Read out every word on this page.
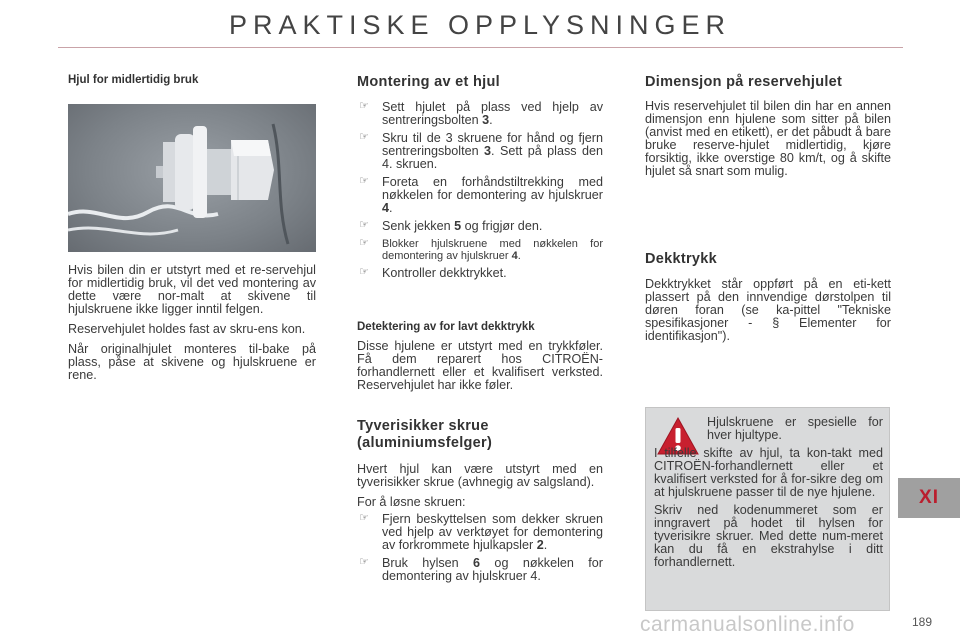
PRAKTISKE OPPLYSNINGER
Hjul for midlertidig bruk

Hvis bilen din er utstyrt med et re-servehjul for midlertidig bruk, vil det ved montering av dette være nor-malt at skivene til hjulskruene ikke ligger inntil felgen.

Reservehjulet holdes fast av skru-ens kon.

Når originalhjulet monteres til-bake på plass, påse at skivene og hjulskruene er rene.

Montering av et hjul
☞ Sett hjulet på plass ved hjelp av sentreringsbolten 3.
☞ Skru til de 3 skruene for hånd og fjern sentreringsbolten 3. Sett på plass den 4. skruen.
☞ Foreta en forhåndstiltrekking med nøkkelen for demontering av hjulskruer 4.
☞ Senk jekken 5 og frigjør den.
☞ Blokker hjulskruene med nøkkelen for demontering av hjulskruer 4.
☞ Kontroller dekktrykket.
Detektering av for lavt dekktrykk

Disse hjulene er utstyrt med en trykkføler. Få dem reparert hos CITROËN-forhandlernett eller et kvalifisert verksted. Reservehjulet har ikke føler.

Tyverisikker skrue
(aluminiumsfelger)

Hvert hjul kan være utstyrt med en tyverisikker skrue (avhnegig av salgsland).

For å løsne skruen:

☞ Fjern beskyttelsen som dekker skruen ved hjelp av verktøyet for demontering av forkrommete hjulkapsler 2.
☞ Bruk hylsen 6 og nøkkelen for demontering av hjulskruer 4.
Dimensjon på reservehjulet

Hvis reservehjulet til bilen din har en annen dimensjon enn hjulene som sitter på bilen (anvist med en etikett), er det påbudt å bare bruke reserve-hjulet midlertidig, kjøre forsiktig, ikke overstige 80 km/t, og å skifte hjulet så snart som mulig.

Dekktrykk

Dekktrykket står oppført på en eti-kett plassert på den innvendige dørstolpen til døren foran (se ka-pittel "Tekniske spesifikasjoner - § Elementer for identifikasjon").

Hjulskruene er spesielle for hver hjultype.

I tilfelle skifte av hjul, ta kon-takt med CITROËN-forhandlernett eller et kvalifisert verksted for å for-sikre deg om at hjulskruene passer til de nye hjulene.

Skriv ned kodenummeret som er inngravert på hodet til hylsen for tyverisikre skruer. Med dette num-meret kan du få en ekstrahylse i ditt forhandlernett.

XI
carmanualsonline.info	189
